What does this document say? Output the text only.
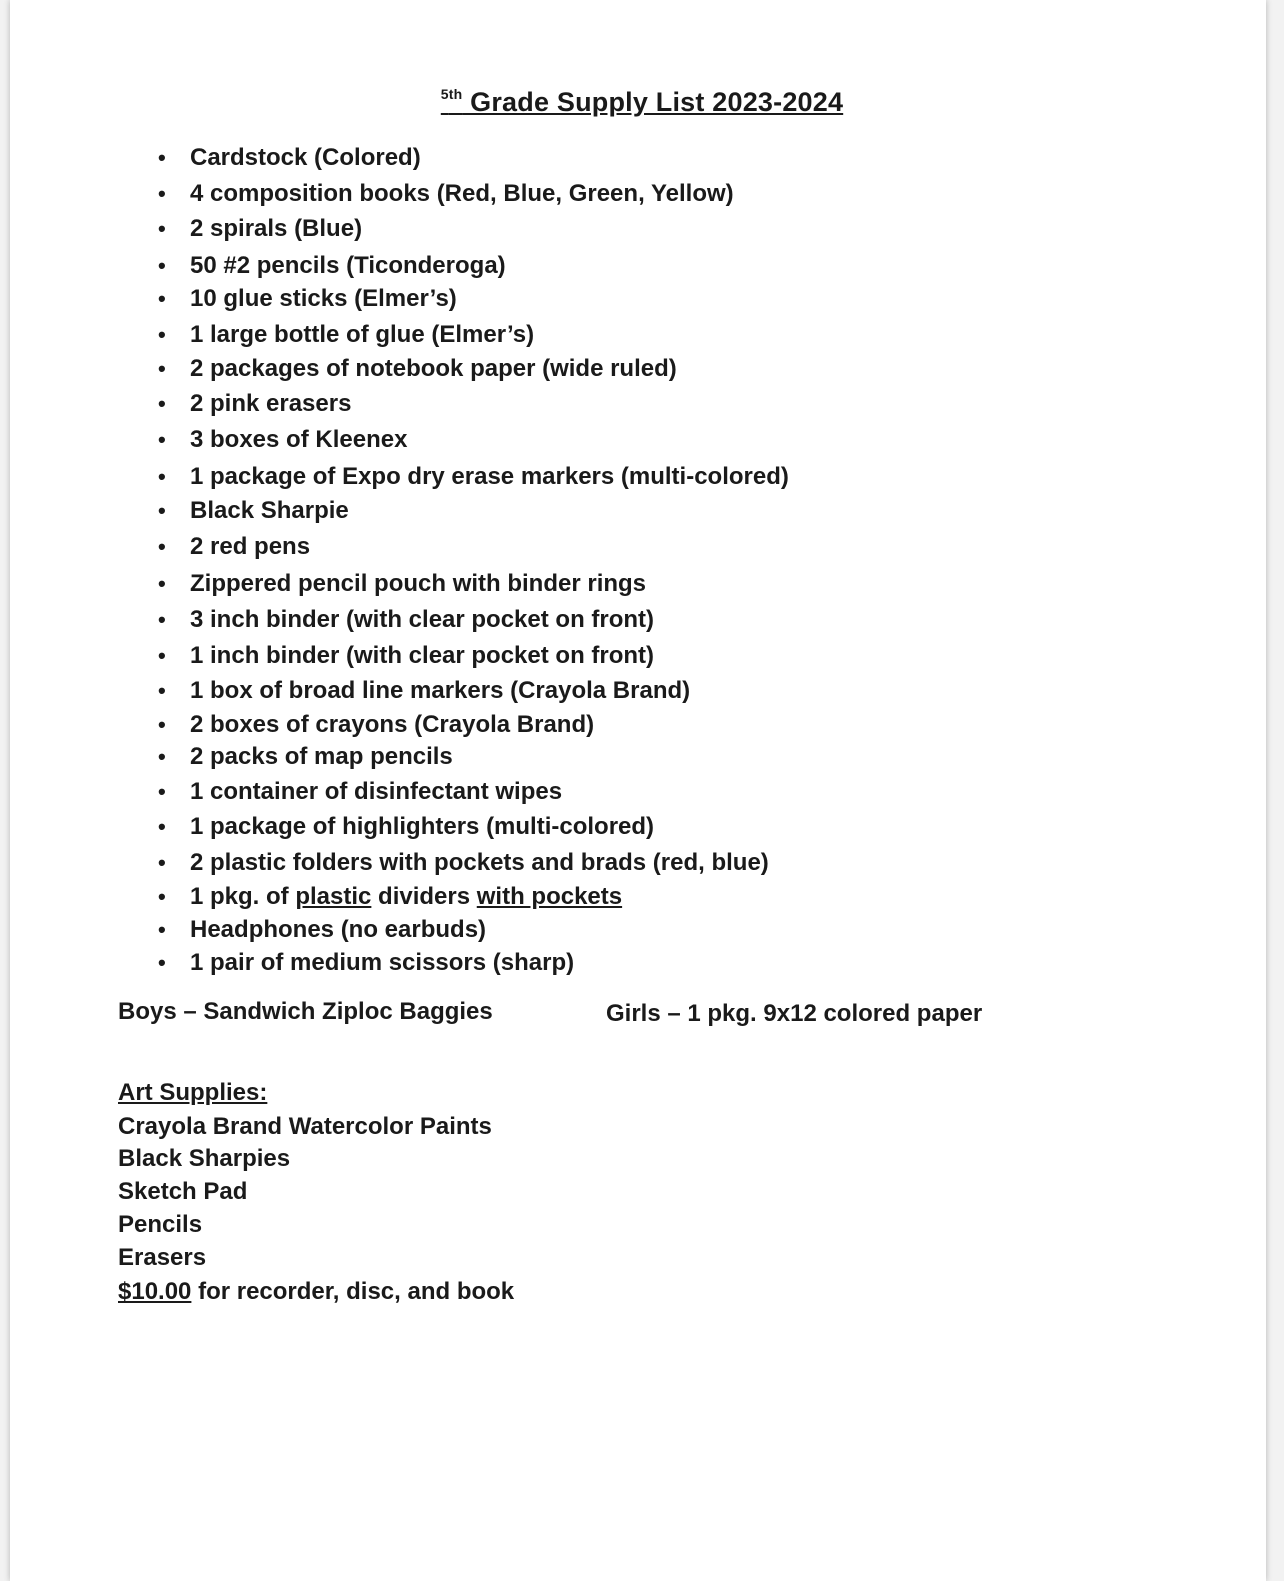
$^{5th}$ Grade Supply List 2023-2024
• Cardstock (Colored)
• 4 composition books (Red, Blue, Green, Yellow)
• 2 spirals (Blue)
• 50 #2 pencils (Ticonderoga)
• 10 glue sticks (Elmer’s)
• 1 large bottle of glue (Elmer’s)
• 2 packages of notebook paper (wide ruled)
• 2 pink erasers
• 3 boxes of Kleenex
• 1 package of Expo dry erase markers (multi-colored)
• Black Sharpie
• 2 red pens
• Zippered pencil pouch with binder rings
• 3 inch binder (with clear pocket on front)
• 1 inch binder (with clear pocket on front)
• 1 box of broad line markers (Crayola Brand)
• 2 boxes of crayons (Crayola Brand)
• 2 packs of map pencils
• 1 container of disinfectant wipes
• 1 package of highlighters (multi-colored)
• 2 plastic folders with pockets and brads (red, blue)
• 1 pkg. of plastic dividers with pockets
• Headphones (no earbuds)
• 1 pair of medium scissors (sharp)
Boys – Sandwich Ziploc Baggies	Girls – 1 pkg. 9x12 colored paper
Art Supplies:
Crayola Brand Watercolor Paints
Black Sharpies
Sketch Pad
Pencils
Erasers
$10.00 for recorder, disc, and book
